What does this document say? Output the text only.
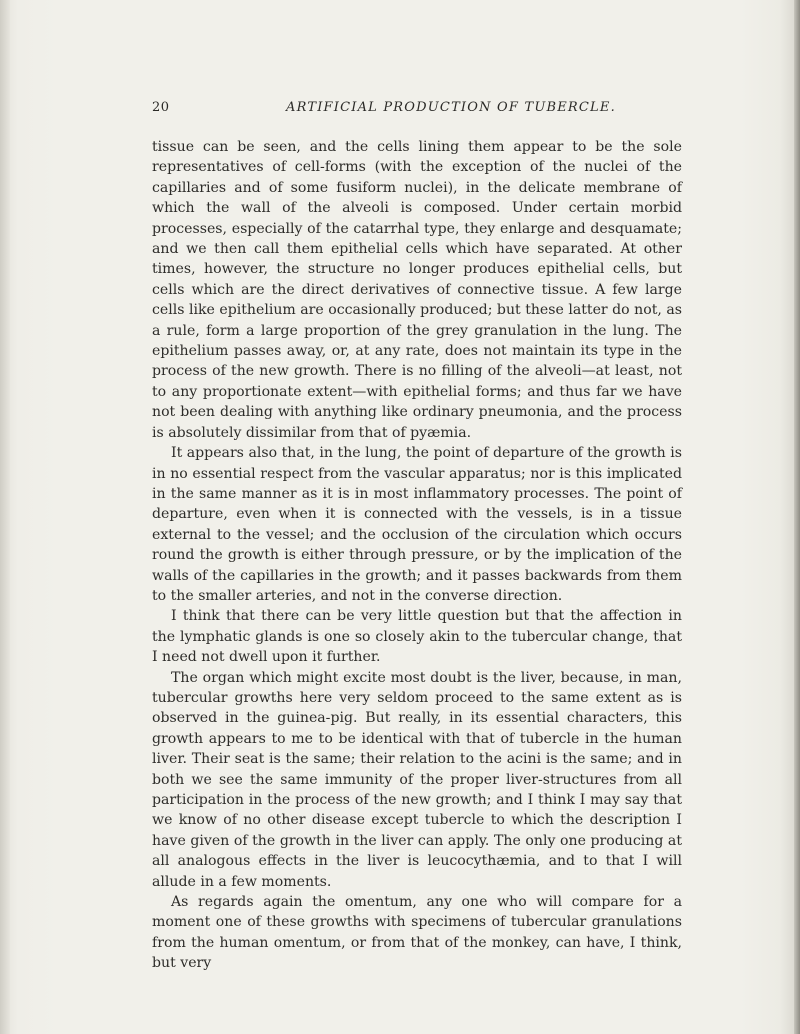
20	ARTIFICIAL PRODUCTION OF TUBERCLE.

tissue can be seen, and the cells lining them appear to be the sole representatives of cell-forms (with the exception of the nuclei of the capillaries and of some fusiform nuclei), in the delicate membrane of which the wall of the alveoli is composed. Under certain morbid processes, especially of the catarrhal type, they enlarge and desquamate; and we then call them epithelial cells which have separated. At other times, however, the structure no longer produces epithelial cells, but cells which are the direct derivatives of connective tissue. A few large cells like epithelium are occasionally produced; but these latter do not, as a rule, form a large proportion of the grey granulation in the lung. The epithelium passes away, or, at any rate, does not maintain its type in the process of the new growth. There is no filling of the alveoli—at least, not to any proportionate extent—with epithelial forms; and thus far we have not been dealing with anything like ordinary pneumonia, and the process is absolutely dissimilar from that of pyæmia.

It appears also that, in the lung, the point of departure of the growth is in no essential respect from the vascular apparatus; nor is this implicated in the same manner as it is in most inflammatory processes. The point of departure, even when it is connected with the vessels, is in a tissue external to the vessel; and the occlusion of the circulation which occurs round the growth is either through pressure, or by the implication of the walls of the capillaries in the growth; and it passes backwards from them to the smaller arteries, and not in the converse direction.

I think that there can be very little question but that the affection in the lymphatic glands is one so closely akin to the tubercular change, that I need not dwell upon it further.

The organ which might excite most doubt is the liver, because, in man, tubercular growths here very seldom proceed to the same extent as is observed in the guinea-pig. But really, in its essential characters, this growth appears to me to be identical with that of tubercle in the human liver. Their seat is the same; their relation to the acini is the same; and in both we see the same immunity of the proper liver-structures from all participation in the process of the new growth; and I think I may say that we know of no other disease except tubercle to which the description I have given of the growth in the liver can apply. The only one producing at all analogous effects in the liver is leucocythæmia, and to that I will allude in a few moments.

As regards again the omentum, any one who will compare for a moment one of these growths with specimens of tubercular granulations from the human omentum, or from that of the monkey, can have, I think, but very
